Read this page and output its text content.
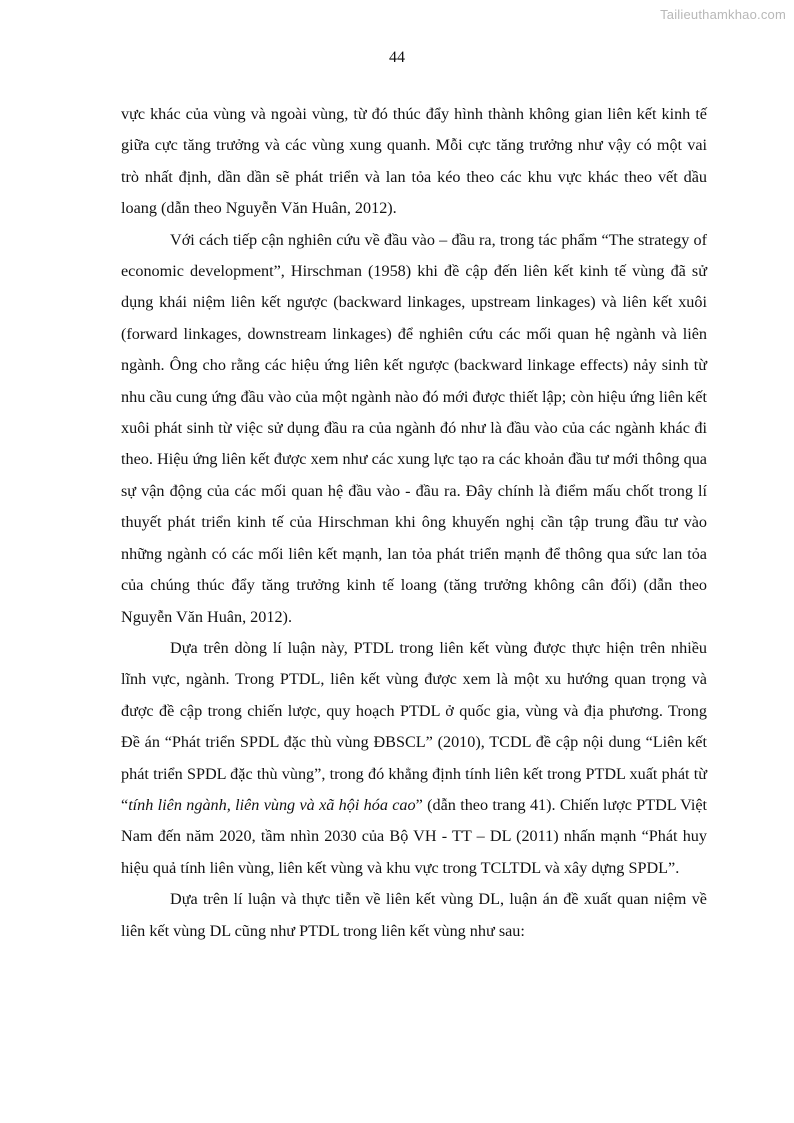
Tailieuthamkhao.com
44

vực khác của vùng và ngoài vùng, từ đó thúc đẩy hình thành không gian liên kết kinh tế giữa cực tăng trưởng và các vùng xung quanh. Mỗi cực tăng trưởng như vậy có một vai trò nhất định, dần dần sẽ phát triển và lan tỏa kéo theo các khu vực khác theo vết dầu loang (dẫn theo Nguyễn Văn Huân, 2012).

Với cách tiếp cận nghiên cứu về đầu vào – đầu ra, trong tác phẩm “The strategy of economic development”, Hirschman (1958) khi đề cập đến liên kết kinh tế vùng đã sử dụng khái niệm liên kết ngược (backward linkages, upstream linkages) và liên kết xuôi (forward linkages, downstream linkages) để nghiên cứu các mối quan hệ ngành và liên ngành. Ông cho rằng các hiệu ứng liên kết ngược (backward linkage effects) nảy sinh từ nhu cầu cung ứng đầu vào của một ngành nào đó mới được thiết lập; còn hiệu ứng liên kết xuôi phát sinh từ việc sử dụng đầu ra của ngành đó như là đầu vào của các ngành khác đi theo. Hiệu ứng liên kết được xem như các xung lực tạo ra các khoản đầu tư mới thông qua sự vận động của các mối quan hệ đầu vào - đầu ra. Đây chính là điểm mấu chốt trong lí thuyết phát triển kinh tế của Hirschman khi ông khuyến nghị cần tập trung đầu tư vào những ngành có các mối liên kết mạnh, lan tỏa phát triển mạnh để thông qua sức lan tỏa của chúng thúc đẩy tăng trưởng kinh tế loang (tăng trưởng không cân đối) (dẫn theo Nguyễn Văn Huân, 2012).

Dựa trên dòng lí luận này, PTDL trong liên kết vùng được thực hiện trên nhiều lĩnh vực, ngành. Trong PTDL, liên kết vùng được xem là một xu hướng quan trọng và được đề cập trong chiến lược, quy hoạch PTDL ở quốc gia, vùng và địa phương. Trong Đề án “Phát triển SPDL đặc thù vùng ĐBSCL” (2010), TCDL đề cập nội dung “Liên kết phát triển SPDL đặc thù vùng”, trong đó khẳng định tính liên kết trong PTDL xuất phát từ “tính liên ngành, liên vùng và xã hội hóa cao” (dẫn theo trang 41). Chiến lược PTDL Việt Nam đến năm 2020, tầm nhìn 2030 của Bộ VH - TT – DL (2011) nhấn mạnh “Phát huy hiệu quả tính liên vùng, liên kết vùng và khu vực trong TCLTDL và xây dựng SPDL”.

Dựa trên lí luận và thực tiễn về liên kết vùng DL, luận án đề xuất quan niệm về liên kết vùng DL cũng như PTDL trong liên kết vùng như sau:
